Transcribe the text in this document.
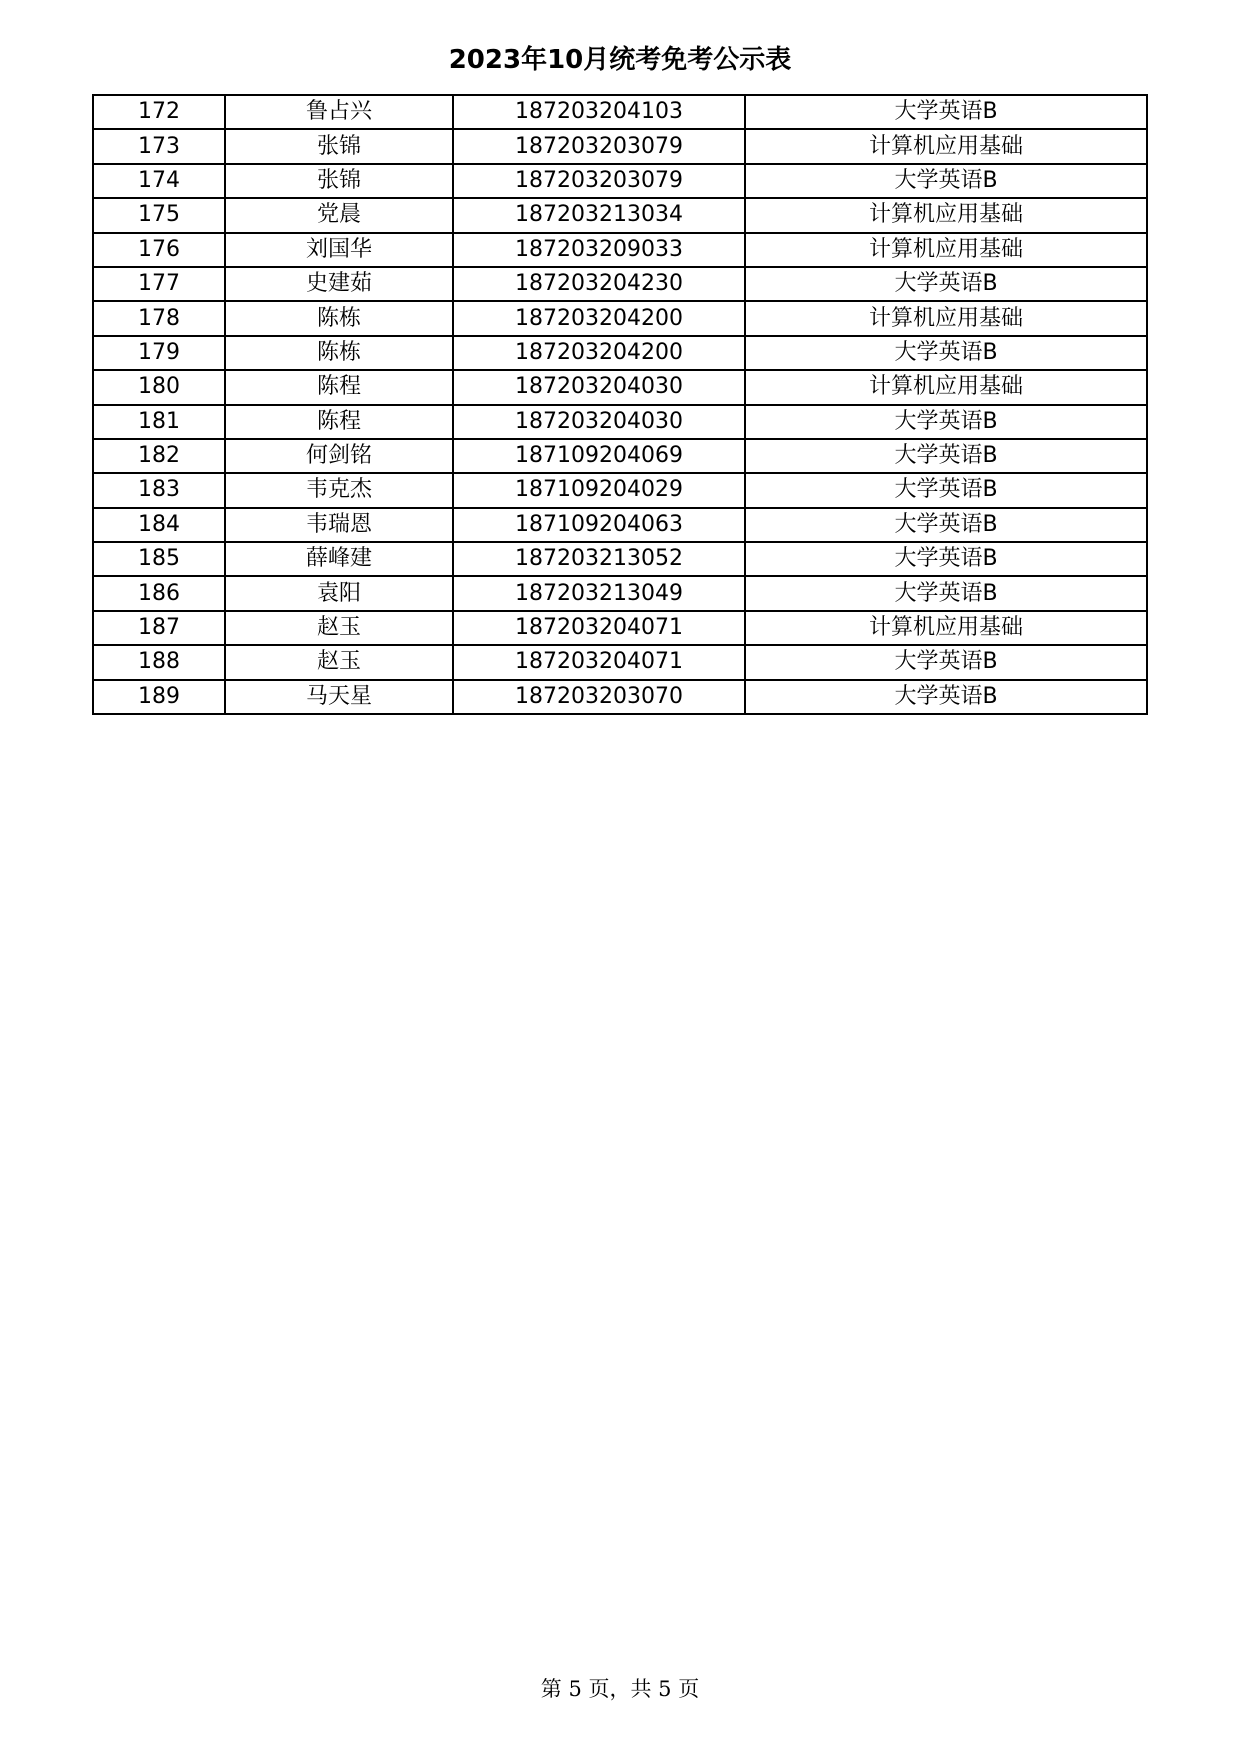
2023年10月统考免考公示表
172	鲁占兴	187203204103	大学英语B
173	张锦	187203203079	计算机应用基础
174	张锦	187203203079	大学英语B
175	党晨	187203213034	计算机应用基础
176	刘国华	187203209033	计算机应用基础
177	史建茹	187203204230	大学英语B
178	陈栋	187203204200	计算机应用基础
179	陈栋	187203204200	大学英语B
180	陈程	187203204030	计算机应用基础
181	陈程	187203204030	大学英语B
182	何剑铭	187109204069	大学英语B
183	韦克杰	187109204029	大学英语B
184	韦瑞恩	187109204063	大学英语B
185	薛峰建	187203213052	大学英语B
186	袁阳	187203213049	大学英语B
187	赵玉	187203204071	计算机应用基础
188	赵玉	187203204071	大学英语B
189	马天星	187203203070	大学英语B
第 5 页，共 5 页
